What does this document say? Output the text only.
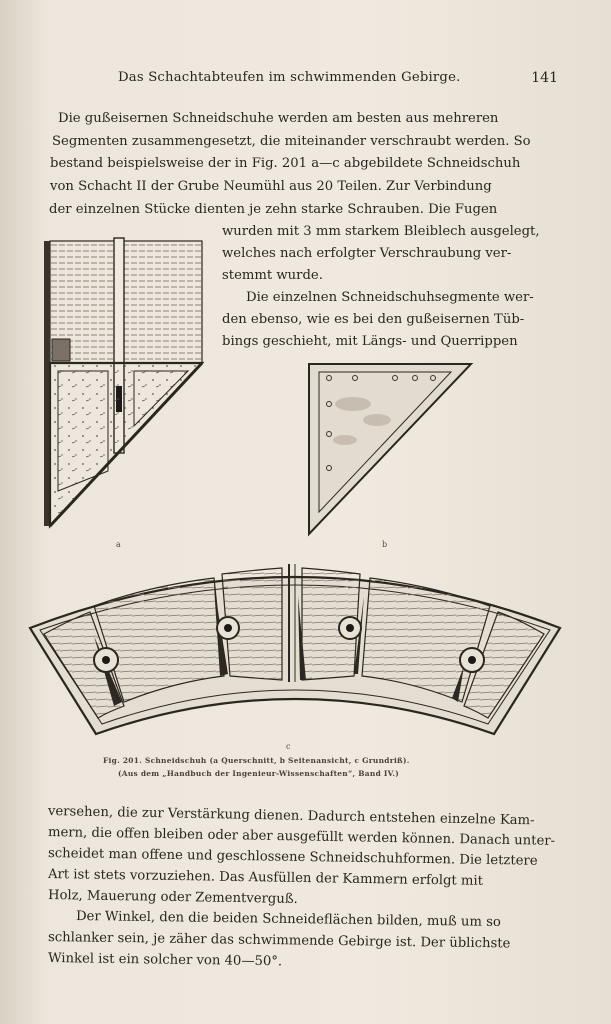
Das Schachtabteufen im schwimmenden Gebirge.	141
Die gußeisernen Schneidschuhe werden am besten aus mehreren
Segmenten zusammengesetzt, die miteinander verschraubt werden. So
bestand beispielsweise der in Fig. 201 a—c abgebildete Schneidschuh
von Schacht II der Grube Neumühl aus 20 Teilen. Zur Verbindung
der einzelnen Stücke dienten je zehn starke Schrauben. Die Fugen
wurden mit 3 mm starkem Bleiblech ausgelegt,
welches nach erfolgter Verschraubung ver-
stemmt wurde.
Die einzelnen Schneidschuhsegmente wer-
den ebenso, wie es bei den gußeisernen Tüb-
bings geschieht, mit Längs- und Querrippen
a	b
c
Fig. 201. Schneidschuh (a Querschnitt, b Seitenansicht, c Grundriß).
(Aus dem „Handbuch der Ingenieur-Wissenschaften“, Band IV.)
versehen, die zur Verstärkung dienen. Dadurch entstehen einzelne Kam-
mern, die offen bleiben oder aber ausgefüllt werden können. Danach unter-
scheidet man offene und geschlossene Schneidschuhformen. Die letztere
Art ist stets vorzuziehen. Das Ausfüllen der Kammern erfolgt mit
Holz, Mauerung oder Zementverguß.
Der Winkel, den die beiden Schneideflächen bilden, muß um so
schlanker sein, je zäher das schwimmende Gebirge ist. Der üblichste
Winkel ist ein solcher von 40—50°.
